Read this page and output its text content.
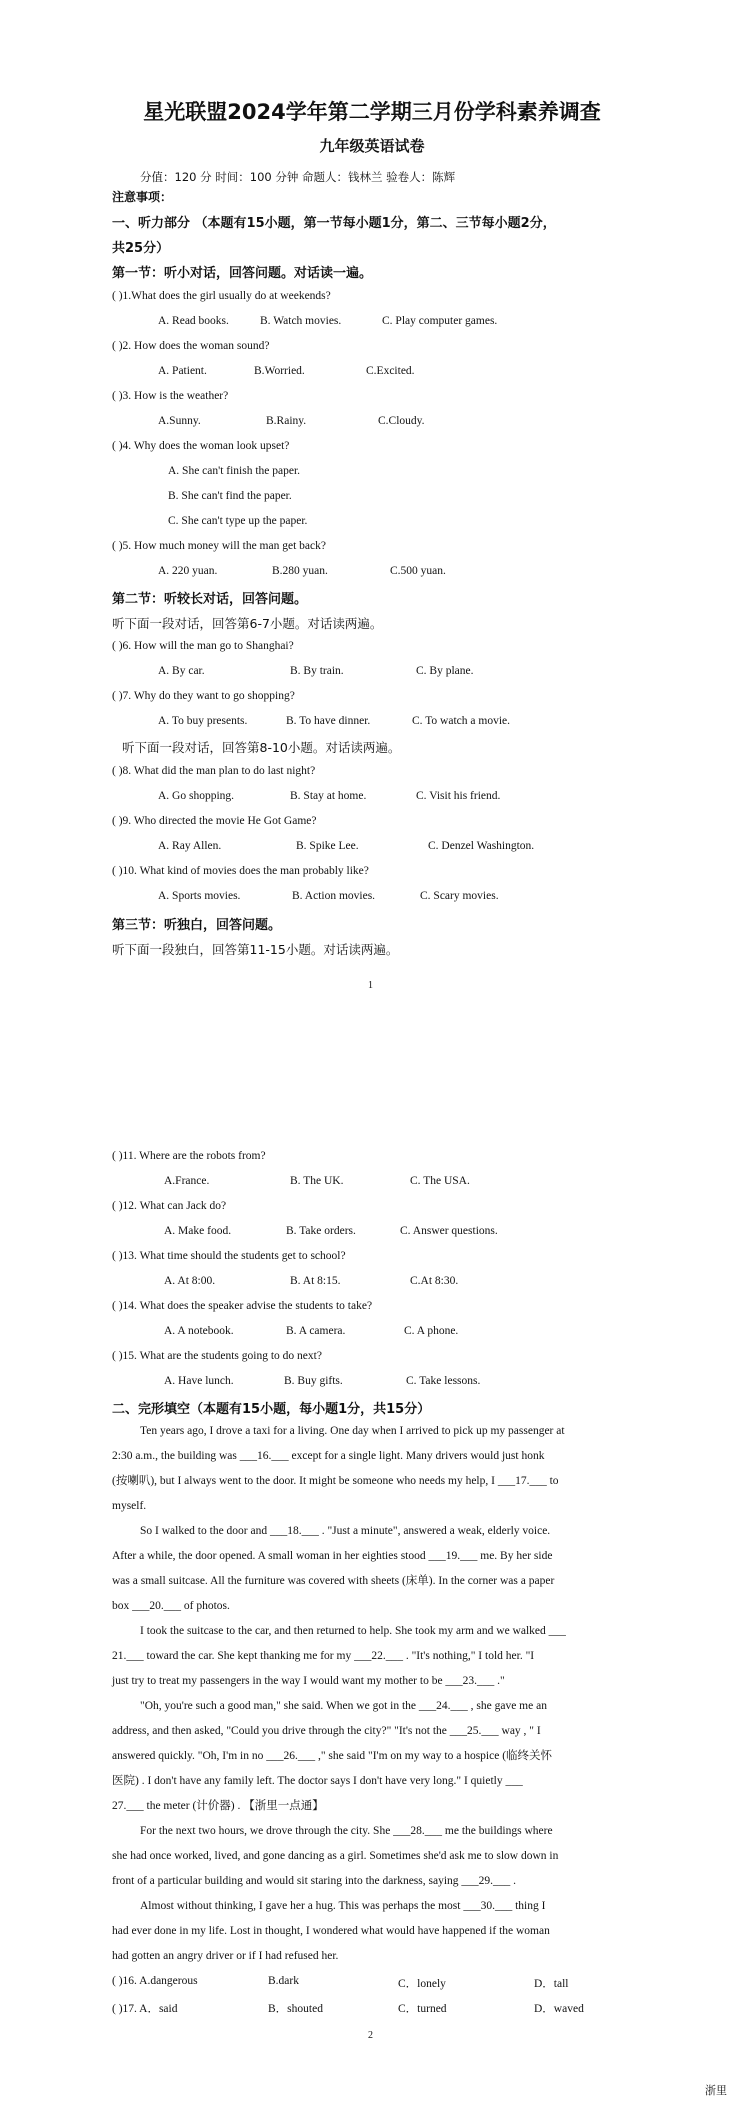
星光联盟2024学年第二学期三月份学科素养调查
九年级英语试卷
分值：120 分 时间：100 分钟 命题人：钱林兰 验卷人：陈辉
注意事项：
一、听力部分 （本题有15小题，第一节每小题1分，第二、三节每小题2分，
共25分）
第一节：听小对话，回答问题。对话读一遍。
( )1.What does the girl usually do at weekends?
A. Read books.	B. Watch movies.	C. Play computer games.
( )2. How does the woman sound?
A. Patient.	B.Worried.	C.Excited.
( )3. How is the weather?
A.Sunny.	B.Rainy.	C.Cloudy.
( )4. Why does the woman look upset?
A. She can't finish the paper.
B. She can't find the paper.
C. She can't type up the paper.
( )5. How much money will the man get back?
A. 220 yuan.	B.280 yuan.	C.500 yuan.
第二节：听较长对话，回答问题。
听下面一段对话，回答第6-7小题。对话读两遍。
( )6. How will the man go to Shanghai?
A. By car.	B. By train.	C. By plane.
( )7. Why do they want to go shopping?
A. To buy presents.	B. To have dinner.	C. To watch a movie.
听下面一段对话，回答第8-10小题。对话读两遍。
( )8. What did the man plan to do last night?
A. Go shopping.	B. Stay at home.	C. Visit his friend.
( )9. Who directed the movie He Got Game?
A. Ray Allen.	B. Spike Lee.	C. Denzel Washington.
( )10. What kind of movies does the man probably like?
A. Sports movies.	B. Action movies.	C. Scary movies.
第三节：听独白，回答问题。
听下面一段独白，回答第11-15小题。对话读两遍。
1
( )11. Where are the robots from?
A.France.	B. The UK.	C. The USA.
( )12. What can Jack do?
A. Make food.	B. Take orders.	C. Answer questions.
( )13. What time should the students get to school?
A. At 8:00.	B. At 8:15.	C.At 8:30.
( )14. What does the speaker advise the students to take?
A. A notebook.	B. A camera.	C. A phone.
( )15. What are the students going to do next?
A. Have lunch.	B. Buy gifts.	C. Take lessons.
二、完形填空（本题有15小题，每小题1分，共15分）
Ten years ago, I drove a taxi for a living. One day when I arrived to pick up my passenger at
2:30 a.m., the building was ___16.___ except for a single light. Many drivers would just honk
(按喇叭), but I always went to the door. It might be someone who needs my help, I ___17.___ to
myself.
So I walked to the door and ___18.___ . "Just a minute", answered a weak, elderly voice.
After a while, the door opened. A small woman in her eighties stood ___19.___ me. By her side
was a small suitcase. All the furniture was covered with sheets (床单). In the corner was a paper
box ___20.___ of photos.
I took the suitcase to the car, and then returned to help. She took my arm and we walked ___
21.___ toward the car. She kept thanking me for my ___22.___ . "It's nothing," I told her. "I
just try to treat my passengers in the way I would want my mother to be ___23.___ ."
"Oh, you're such a good man," she said. When we got in the ___24.___ , she gave me an
address, and then asked, "Could you drive through the city?" "It's not the ___25.___ way , " I
answered quickly. "Oh, I'm in no ___26.___ ," she said "I'm on my way to a hospice (临终关怀
医院) . I don't have any family left. The doctor says I don't have very long." I quietly ___
27.___ the meter (计价器) . 【浙里一点通】
For the next two hours, we drove through the city. She ___28.___ me the buildings where
she had once worked, lived, and gone dancing as a girl. Sometimes she'd ask me to slow down in
front of a particular building and would sit staring into the darkness, saying ___29.___ .
Almost without thinking, I gave her a hug. This was perhaps the most ___30.___ thing I
had ever done in my life. Lost in thought, I wondered what would have happened if the woman
had gotten an angry driver or if I had refused her.
( )16. A.dangerous	B.dark	C．lonely	D．tall
( )17. A．said	B．shouted	C．turned	D．waved
2
浙里
